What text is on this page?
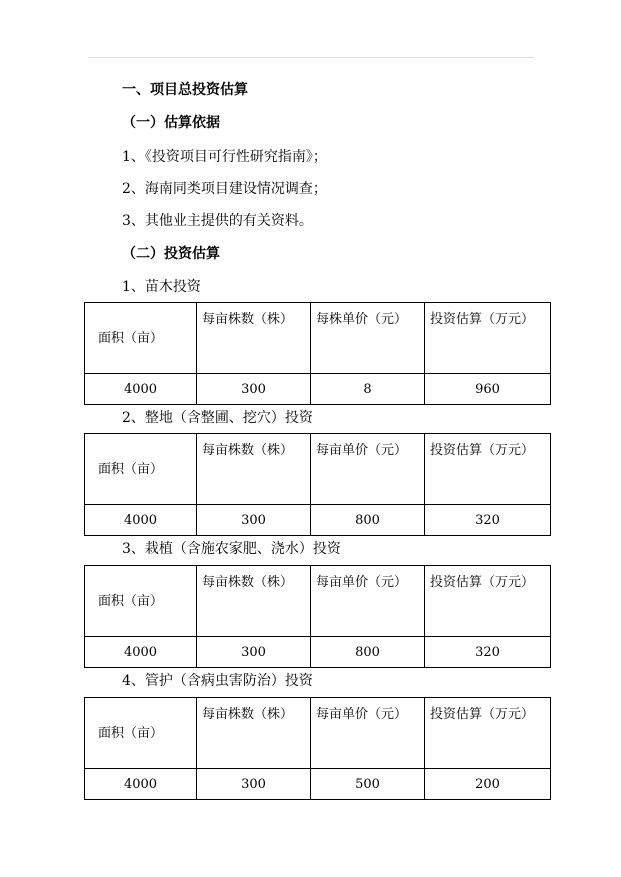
一、项目总投资估算
（一）估算依据
1、《投资项目可行性研究指南》；
2、海南同类项目建设情况调查；
3、其他业主提供的有关资料。
（二）投资估算
1、苗木投资
面积（亩）	每亩株数（株）	每株单价（元）	投资估算（万元）
4000	300	8	960
2、整地（含整圃、挖穴）投资
面积（亩）	每亩株数（株）	每亩单价（元）	投资估算（万元）
4000	300	800	320
3、栽植（含施农家肥、浇水）投资
面积（亩）	每亩株数（株）	每亩单价（元）	投资估算（万元）
4000	300	800	320
4、管护（含病虫害防治）投资
面积（亩）	每亩株数（株）	每亩单价（元）	投资估算（万元）
4000	300	500	200
